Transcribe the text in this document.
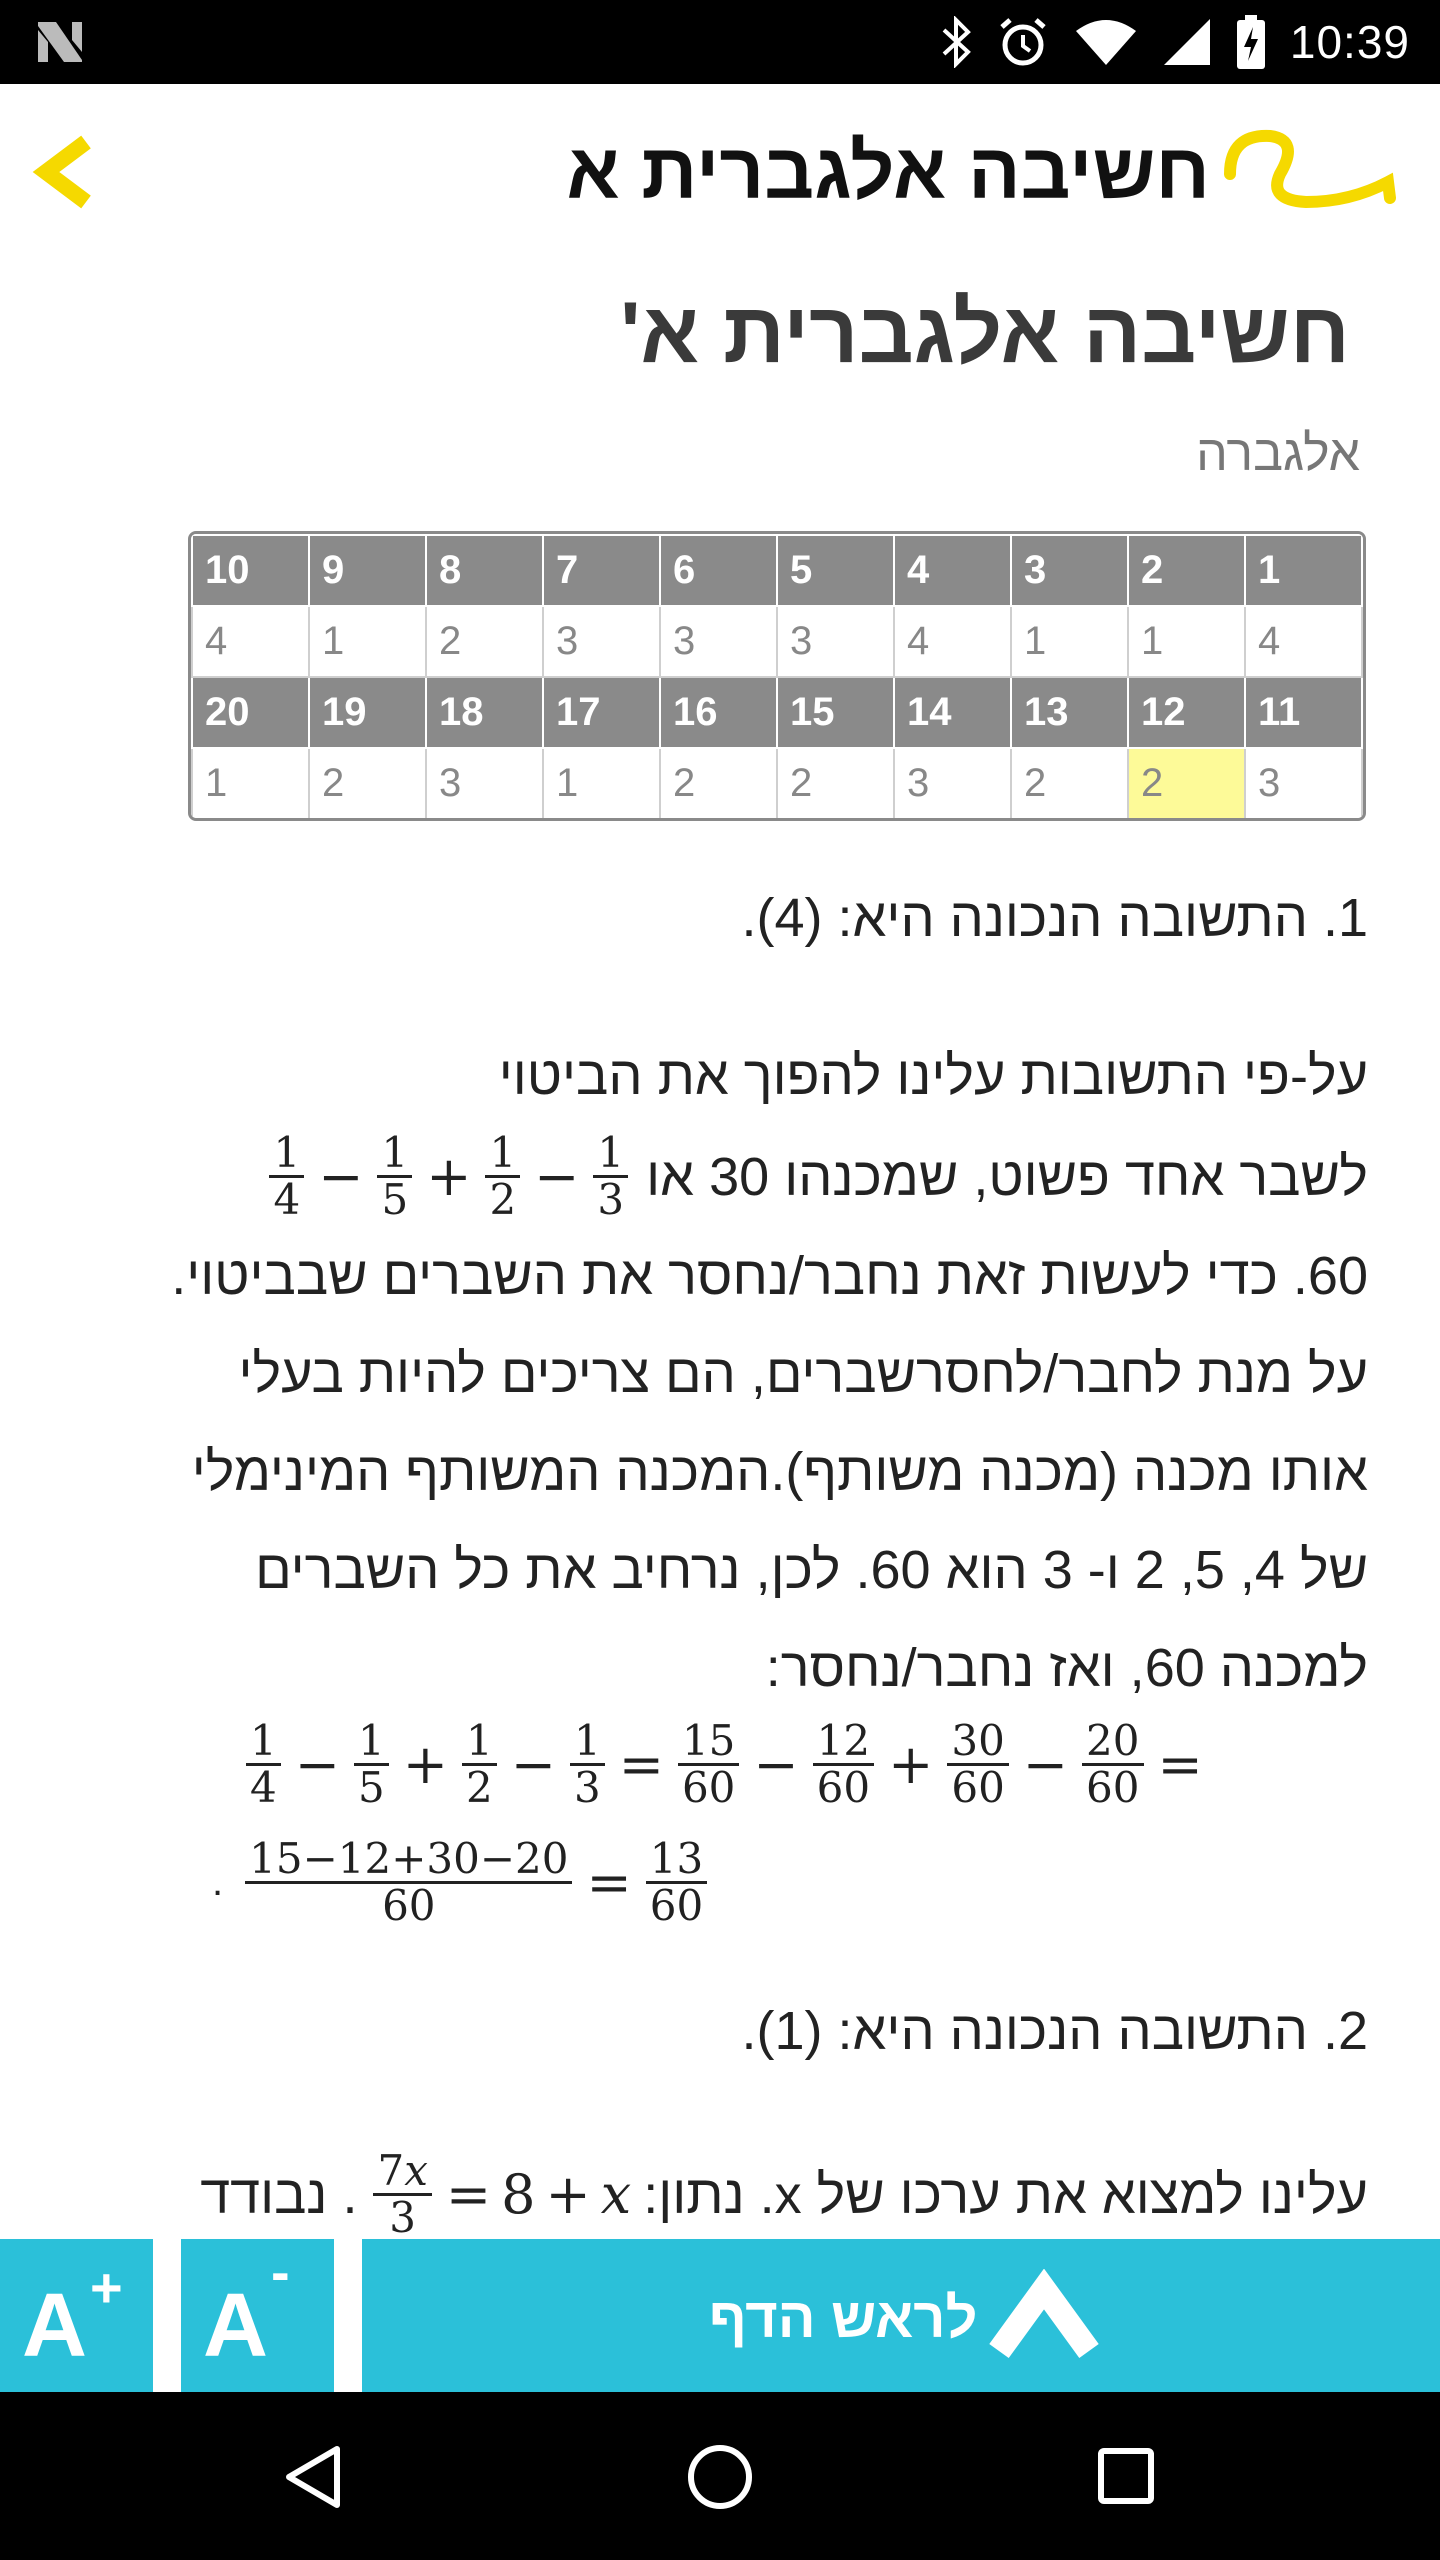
10:39
חשיבה אלגברית א
חשיבה אלגברית א'
אלגברה
1	2	3	4	5	6	7	8	9	10
4	1	1	4	3	3	3	2	1	4
11	12	13	14	15	16	17	18	19	20
3	2	2	3	2	2	1	3	2	1

1. התשובה הנכונה היא: (4).

על-פי התשובות עלינו להפוך את הביטוי

לשבר אחד פשוט, שמכנהו 30 או
$\frac{1}{4} - \frac{1}{5} + \frac{1}{2} - \frac{1}{3}$

60. כדי לעשות זאת נחבר/נחסר את השברים שבביטוי.

על מנת לחבר/לחסרשברים, הם צריכים להיות בעלי

אותו מכנה (מכנה משותף).המכנה המשותף המינימלי

של 4, 5, 2 ו- 3 הוא 60. לכן, נרחיב את כל השברים

למכנה 60, ואז נחבר/נחסר:

$\frac{1}{4} - \frac{1}{5} + \frac{1}{2} - \frac{1}{3} = \frac{15}{60} - \frac{12}{60} + \frac{30}{60} - \frac{20}{60}$ =
. $\frac{15-12+30-20}{60} = \frac{13}{60}$

2. התשובה הנכונה היא: (1).

עלינו למצוא את ערכו של x. נתון:
$\frac{7x}{3} = 8 + x$
. נבודד
A + A
-
לראש הדף
